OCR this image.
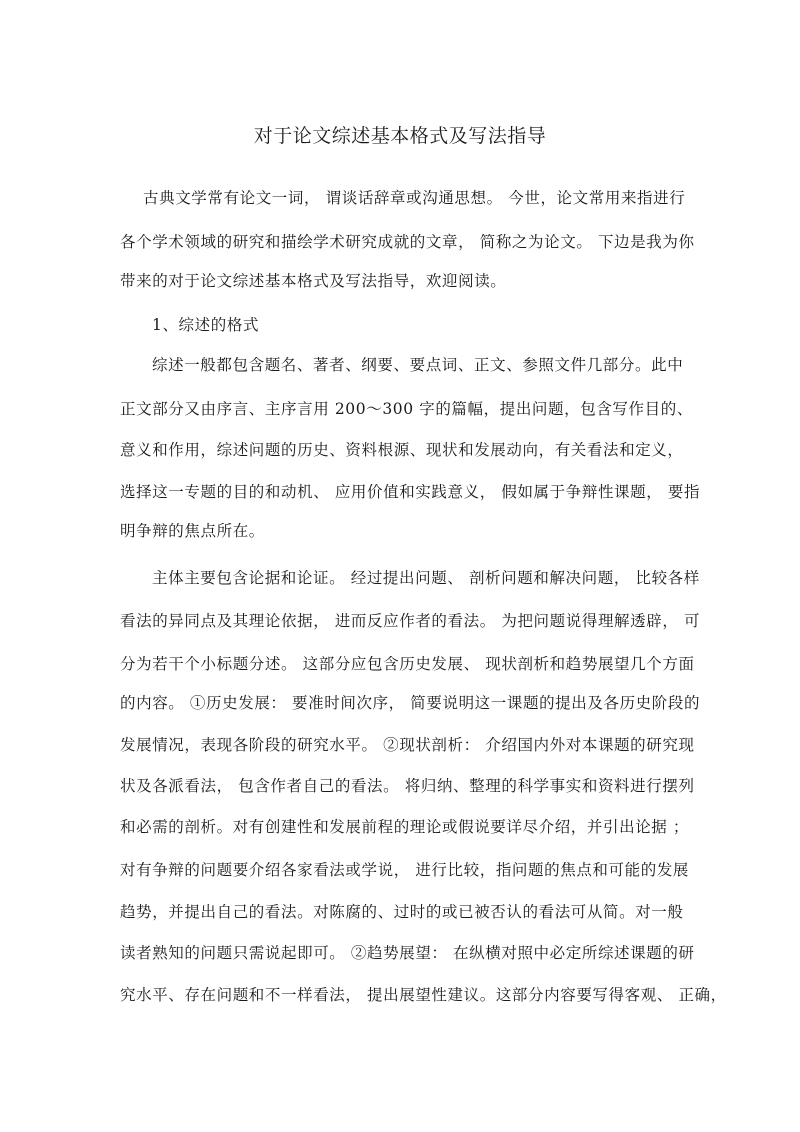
对于论文综述基本格式及写法指导
古典文学常有论文一词， 谓谈话辞章或沟通思想。 今世，论文常用来指进行
各个学术领域的研究和描绘学术研究成就的文章， 简称之为论文。 下边是我为你
带来的对于论文综述基本格式及写法指导，欢迎阅读。
1、综述的格式
综述一般都包含题名、著者、纲要、要点词、正文、参照文件几部分。此中
正文部分又由序言、主序言用 200～300 字的篇幅，提出问题，包含写作目的、
意义和作用，综述问题的历史、资料根源、现状和发展动向，有关看法和定义，
选择这一专题的目的和动机、 应用价值和实践意义， 假如属于争辩性课题， 要指
明争辩的焦点所在。
主体主要包含论据和论证。 经过提出问题、 剖析问题和解决问题， 比较各样
看法的异同点及其理论依据， 进而反应作者的看法。 为把问题说得理解透辟， 可
分为若干个小标题分述。 这部分应包含历史发展、 现状剖析和趋势展望几个方面
的内容。 ①历史发展： 要准时间次序， 简要说明这一课题的提出及各历史阶段的
发展情况，表现各阶段的研究水平。 ②现状剖析： 介绍国内外对本课题的研究现
状及各派看法， 包含作者自己的看法。 将归纳、整理的科学事实和资料进行摆列
和必需的剖析。对有创建性和发展前程的理论或假说要详尽介绍，并引出论据 ；
对有争辩的问题要介绍各家看法或学说， 进行比较，指问题的焦点和可能的发展
趋势，并提出自己的看法。对陈腐的、过时的或已被否认的看法可从简。对一般
读者熟知的问题只需说起即可。 ②趋势展望： 在纵横对照中必定所综述课题的研
究水平、存在问题和不一样看法， 提出展望性建议。这部分内容要写得客观、 正确，
